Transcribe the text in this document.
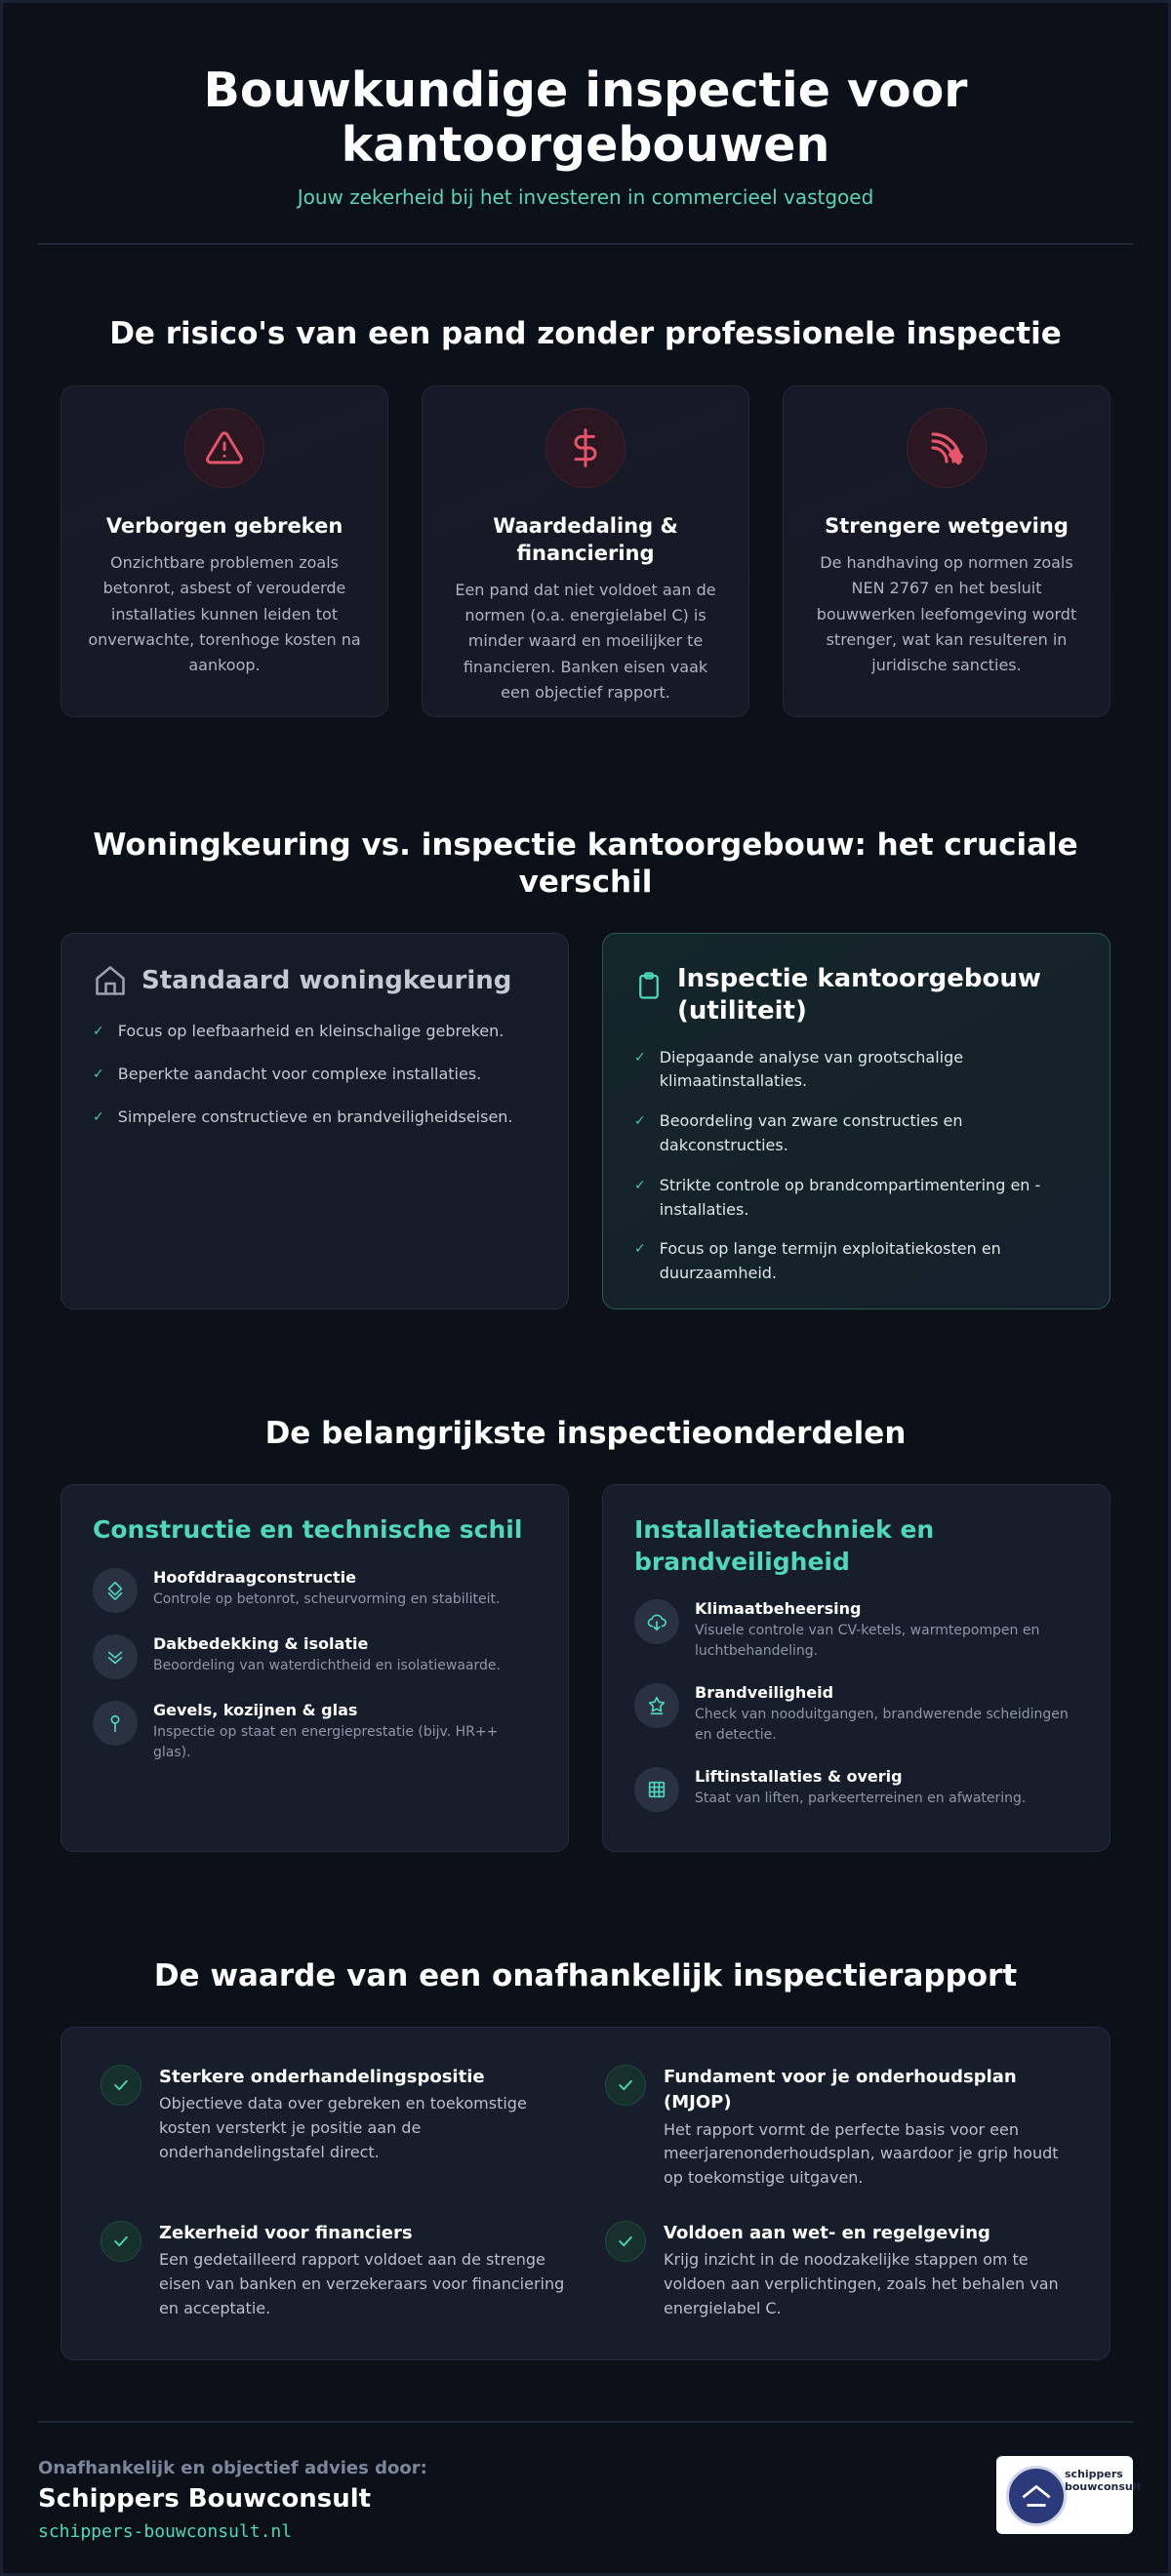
Bouwkundige inspectie voor kantoorgebouwen
Jouw zekerheid bij het investeren in commercieel vastgoed
De risico's van een pand zonder professionele inspectie
Verborgen gebreken
Onzichtbare problemen zoals betonrot, asbest of verouderde installaties kunnen leiden tot onverwachte, torenhoge kosten na aankoop.
Waardedaling & financiering
Een pand dat niet voldoet aan de normen (o.a. energielabel C) is minder waard en moeilijker te financieren. Banken eisen vaak een objectief rapport.
Strengere wetgeving
De handhaving op normen zoals NEN 2767 en het besluit bouwwerken leefomgeving wordt strenger, wat kan resulteren in juridische sancties.
Woningkeuring vs. inspectie kantoorgebouw: het cruciale verschil
Standaard woningkeuring
✓ Focus op leefbaarheid en kleinschalige gebreken.
✓ Beperkte aandacht voor complexe installaties.
✓ Simpelere constructieve en brandveiligheidseisen.
Inspectie kantoorgebouw (utiliteit)
✓ Diepgaande analyse van grootschalige klimaatinstallaties.
✓ Beoordeling van zware constructies en dakconstructies.
✓ Strikte controle op brandcompartimentering en -installaties.
✓ Focus op lange termijn exploitatiekosten en duurzaamheid.
De belangrijkste inspectieonderdelen
Constructie en technische schil
Hoofddraagconstructie
Controle op betonrot, scheurvorming en stabiliteit.
Dakbedekking & isolatie
Beoordeling van waterdichtheid en isolatiewaarde.
Gevels, kozijnen & glas
Inspectie op staat en energieprestatie (bijv. HR++ glas).
Installatietechniek en brandveiligheid
Klimaatbeheersing
Visuele controle van CV-ketels, warmtepompen en luchtbehandeling.
Brandveiligheid
Check van nooduitgangen, brandwerende scheidingen en detectie.
Liftinstallaties & overig
Staat van liften, parkeerterreinen en afwatering.
De waarde van een onafhankelijk inspectierapport
Sterkere onderhandelingspositie
Objectieve data over gebreken en toekomstige kosten versterkt je positie aan de onderhandelingstafel direct.
Fundament voor je onderhoudsplan (MJOP)
Het rapport vormt de perfecte basis voor een meerjarenonderhoudsplan, waardoor je grip houdt op toekomstige uitgaven.
Zekerheid voor financiers
Een gedetailleerd rapport voldoet aan de strenge eisen van banken en verzekeraars voor financiering en acceptatie.
Voldoen aan wet- en regelgeving
Krijg inzicht in de noodzakelijke stappen om te voldoen aan verplichtingen, zoals het behalen van energielabel C.
Onafhankelijk en objectief advies door:
Schippers Bouwconsult
schippers-bouwconsult.nl
schippers
bouwconsult
